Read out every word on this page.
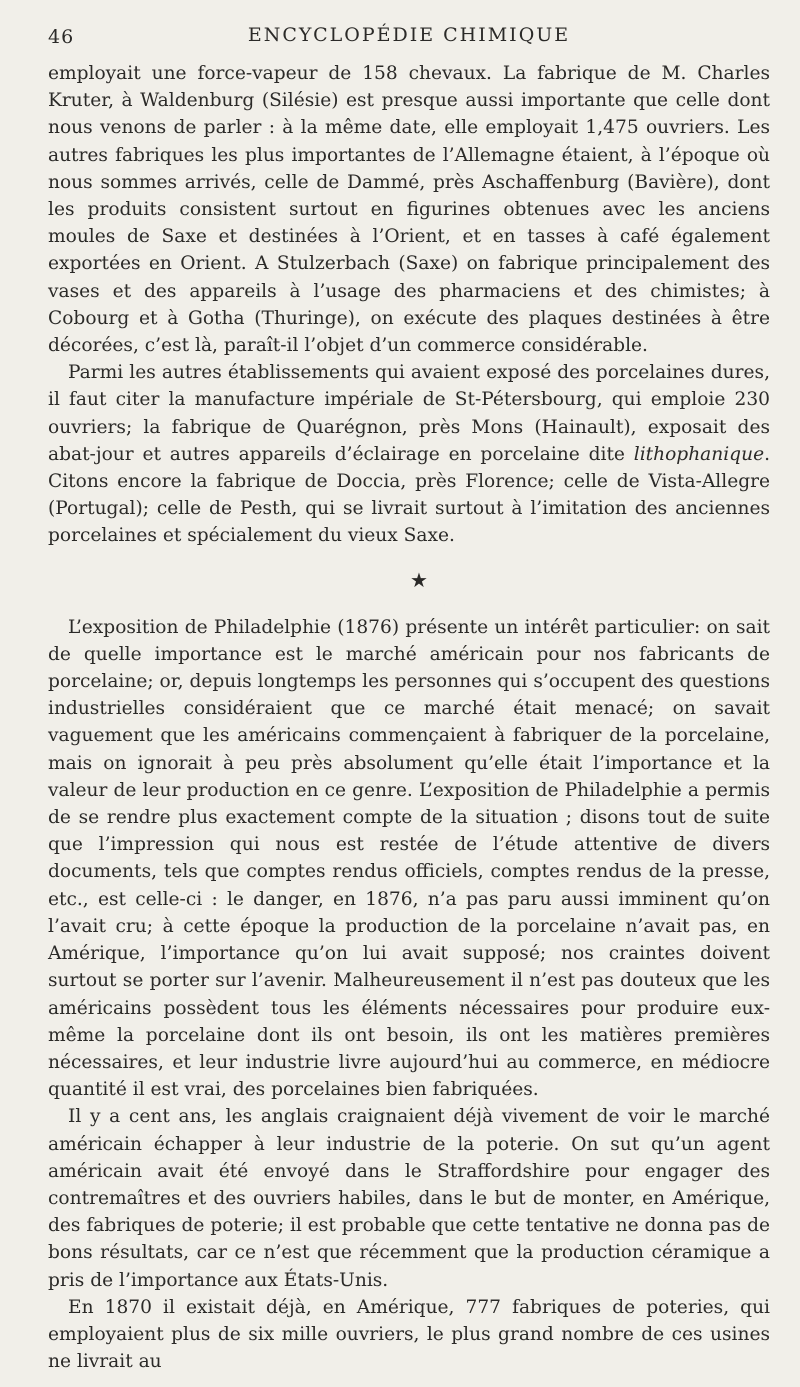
46	ENCYCLOPÉDIE CHIMIQUE

employait une force-vapeur de 158 chevaux. La fabrique de M. Charles Kruter, à Waldenburg (Silésie) est presque aussi importante que celle dont nous venons de parler : à la même date, elle employait 1,475 ouvriers. Les autres fabriques les plus importantes de l’Allemagne étaient, à l’époque où nous sommes arrivés, celle de Dammé, près Aschaffenburg (Bavière), dont les produits consistent surtout en figurines obtenues avec les anciens moules de Saxe et destinées à l’Orient, et en tasses à café également exportées en Orient. A Stulzerbach (Saxe) on fabrique principalement des vases et des appareils à l’usage des pharmaciens et des chimistes; à Cobourg et à Gotha (Thuringe), on exécute des plaques destinées à être décorées, c’est là, paraît-il l’objet d’un commerce considérable.

Parmi les autres établissements qui avaient exposé des porcelaines dures, il faut citer la manufacture impériale de St-Pétersbourg, qui emploie 230 ouvriers; la fabrique de Quarégnon, près Mons (Hainault), exposait des abat-jour et autres appareils d’éclairage en porcelaine dite lithophanique. Citons encore la fabrique de Doccia, près Florence; celle de Vista-Allegre (Portugal); celle de Pesth, qui se livrait surtout à l’imitation des anciennes porcelaines et spécialement du vieux Saxe.

★

L’exposition de Philadelphie (1876) présente un intérêt particulier: on sait de quelle importance est le marché américain pour nos fabricants de porcelaine; or, depuis longtemps les personnes qui s’occupent des questions industrielles considéraient que ce marché était menacé; on savait vaguement que les américains commençaient à fabriquer de la porcelaine, mais on ignorait à peu près absolument qu’elle était l’importance et la valeur de leur production en ce genre. L’exposition de Philadelphie a permis de se rendre plus exactement compte de la situation ; disons tout de suite que l’impression qui nous est restée de l’étude attentive de divers documents, tels que comptes rendus officiels, comptes rendus de la presse, etc., est celle-ci : le danger, en 1876, n’a pas paru aussi imminent qu’on l’avait cru; à cette époque la production de la porcelaine n’avait pas, en Amérique, l’importance qu’on lui avait supposé; nos craintes doivent surtout se porter sur l’avenir. Malheureusement il n’est pas douteux que les américains possèdent tous les éléments nécessaires pour produire eux-même la porcelaine dont ils ont besoin, ils ont les matières premières nécessaires, et leur industrie livre aujourd’hui au commerce, en médiocre quantité il est vrai, des porcelaines bien fabriquées.

Il y a cent ans, les anglais craignaient déjà vivement de voir le marché américain échapper à leur industrie de la poterie. On sut qu’un agent américain avait été envoyé dans le Straffordshire pour engager des contremaîtres et des ouvriers habiles, dans le but de monter, en Amérique, des fabriques de poterie; il est probable que cette tentative ne donna pas de bons résultats, car ce n’est que récemment que la production céramique a pris de l’importance aux États-Unis.

En 1870 il existait déjà, en Amérique, 777 fabriques de poteries, qui employaient plus de six mille ouvriers, le plus grand nombre de ces usines ne livrait au
